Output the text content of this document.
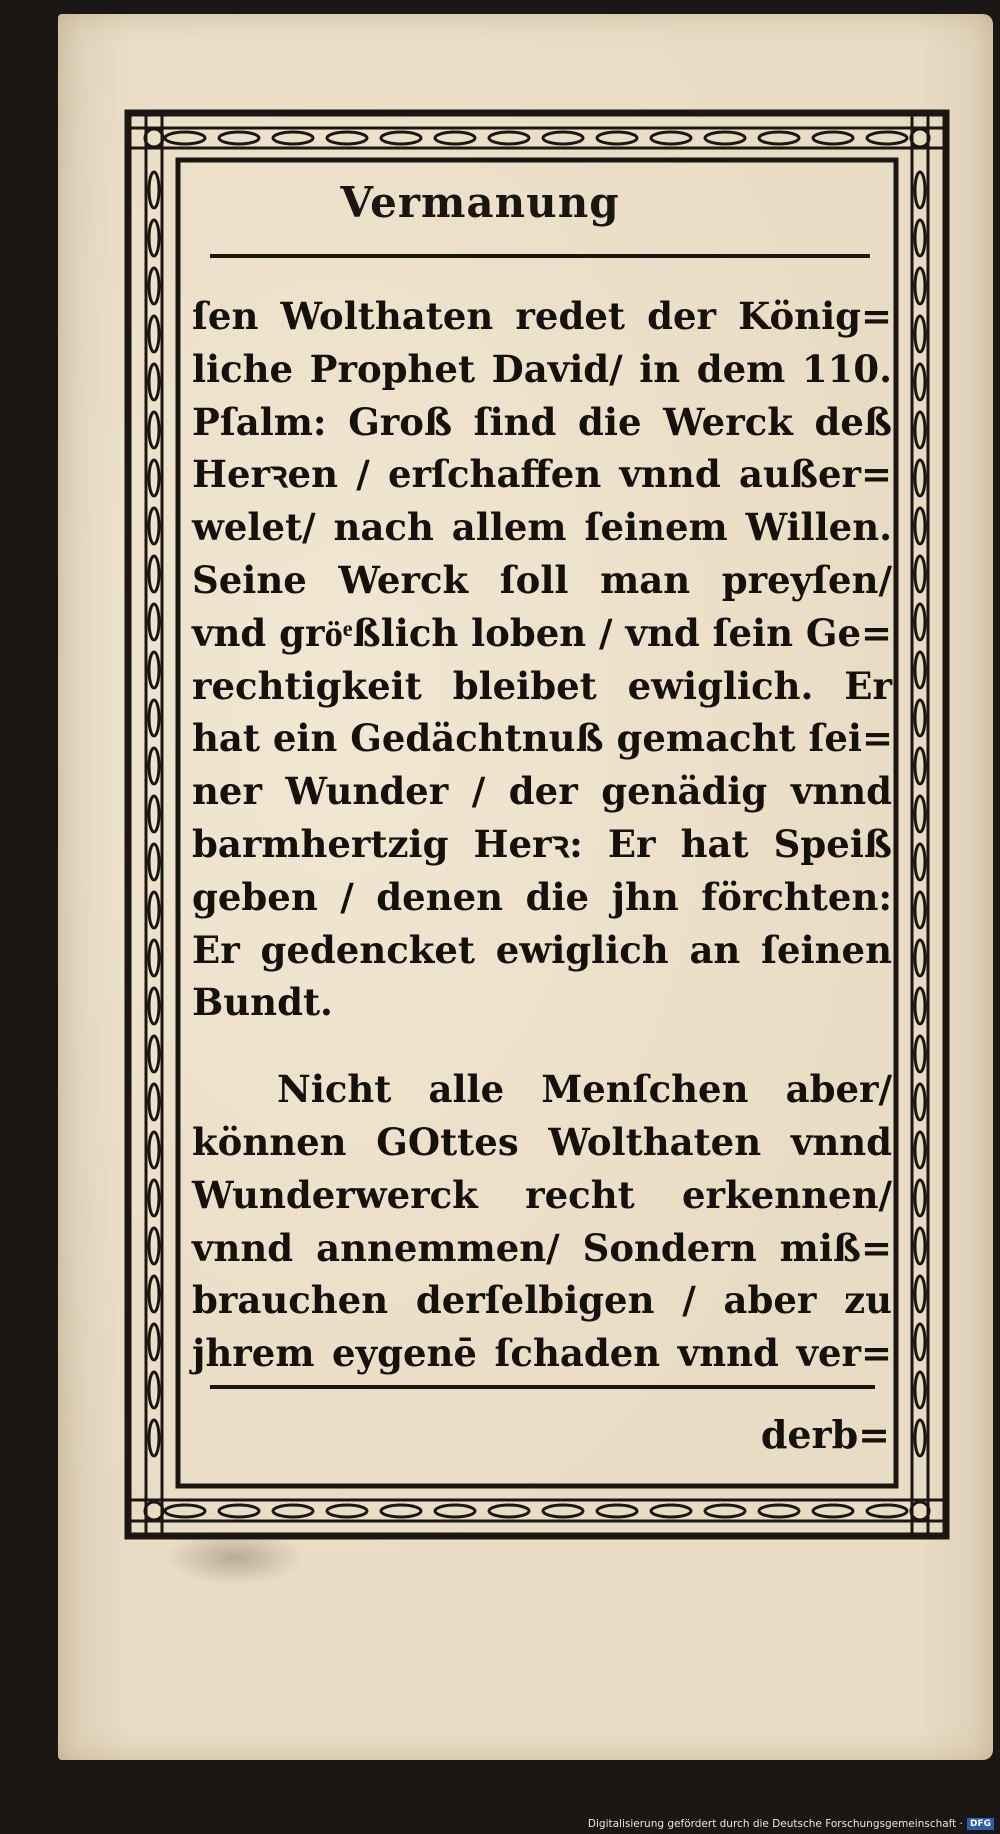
Vermanung
ſen Wolthaten redet der König=
liche Prophet David/ in dem 110.
Pſalm: Groß ſind die Werck deß
Herꝛen / erſchaffen vnnd außer=
welet/ nach allem ſeinem Willen.
Seine Werck ſoll man preyſen/
vnd gröͤßlich loben / vnd ſein Ge=
rechtigkeit bleibet ewiglich. Er
hat ein Gedächtnuß gemacht ſei=
ner Wunder / der genädig vnnd
barmhertzig Herꝛ: Er hat Speiß
geben / denen die jhn förchten:
Er gedencket ewiglich an ſeinen
Bundt.
Nicht alle Menſchen aber/
können GOttes Wolthaten vnnd
Wunderwerck recht erkennen/
vnnd annemmen/ Sondern miß=
brauchen derſelbigen / aber zu
jhrem eygenē ſchaden vnnd ver=
derb=
Digitalisierung gefördert durch die Deutsche Forschungsgemeinschaft · DFG
